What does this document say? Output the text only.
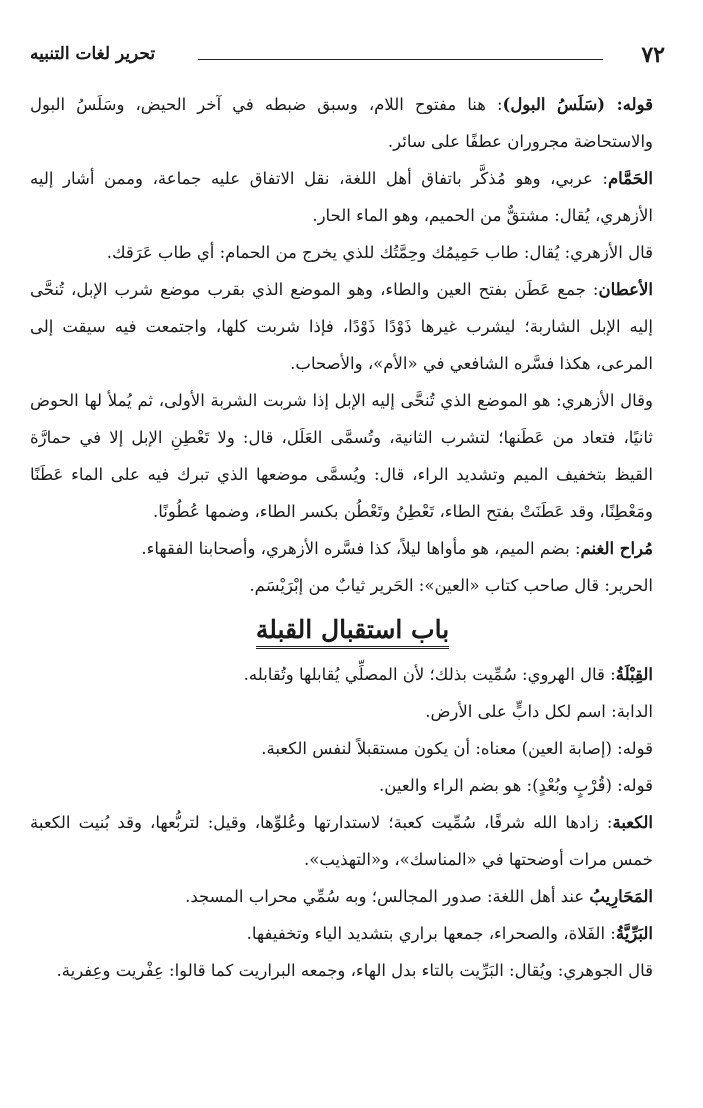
٧٢
تحرير لغات التنبيه

قوله: (سَلَسُ البول): هنا مفتوح اللام، وسبق ضبطه في آخر الحيض، وسَلَسُ البول والاستحاضة مجروران عطفًا على سائر.

الحَمَّام: عربي، وهو مُذكَّر باتفاق أهل اللغة، نقل الاتفاق عليه جماعة، وممن أشار إليه الأزهري، يُقال: مشتقٌّ من الحميم، وهو الماء الحار.

قال الأزهري: يُقال: طاب حَمِيمُك وحِمَّتُك للذي يخرج من الحمام: أي طاب عَرَقك.

الأعطان: جمع عَطَن بفتح العين والطاء، وهو الموضع الذي بقرب موضع شرب الإبل، تُنحَّى إليه الإبل الشاربة؛ ليشرب غيرها ذَوْدًا ذَوْدًا، فإذا شربت كلها، واجتمعت فيه سيقت إلى المرعى، هكذا فسَّره الشافعي في «الأم»، والأصحاب.

وقال الأزهري: هو الموضع الذي تُنحَّى إليه الإبل إذا شربت الشربة الأولى، ثم يُملأ لها الحوض ثانيًا، فتعاد من عَطَنها؛ لتشرب الثانية، وتُسمَّى العَلَل، قال: ولا تَعْطِنِ الإبل إلا في حمارَّة القيظ بتخفيف الميم وتشديد الراء، قال: ويُسمَّى موضعها الذي تبرك فيه على الماء عَطَنًا ومَعْطِنًا، وقد عَطَنَتْ بفتح الطاء، تَعْطِنُ وتَعْطُن بكسر الطاء، وضمها عُطُونًا.

مُراح الغنم: بضم الميم، هو مأواها ليلاً، كذا فسَّره الأزهري، وأصحابنا الفقهاء.

الحرير: قال صاحب كتاب «العين»: الحَرير ثيابٌ من إبْرَيْسَم.

باب استقبال القبلة

القِبْلَةُ: قال الهروي: سُمِّيت بذلك؛ لأن المصلِّي يُقابلها وتُقابله.

الدابة: اسم لكل دابٍّ على الأرض.

قوله: (إصابة العين) معناه: أن يكون مستقبلاً لنفس الكعبة.

قوله: (قُرْبٍ وبُعْدٍ): هو بضم الراء والعين.

الكعبة: زادها الله شرفًا، سُمِّيت كعبة؛ لاستدارتها وعُلوِّها، وقيل: لتربُّعها، وقد بُنيت الكعبة خمس مرات أوضحتها في «المناسك»، و«التهذيب».

المَحَارِيبُ عند أهل اللغة: صدور المجالس؛ وبه سُمِّي محراب المسجد.

البَرِّيَّةُ: الفَلاة، والصحراء، جمعها براري بتشديد الياء وتخفيفها.

قال الجوهري: ويُقال: البَرِّيت بالتاء بدل الهاء، وجمعه البراريت كما قالوا: عِفْريت وعِفرية.
